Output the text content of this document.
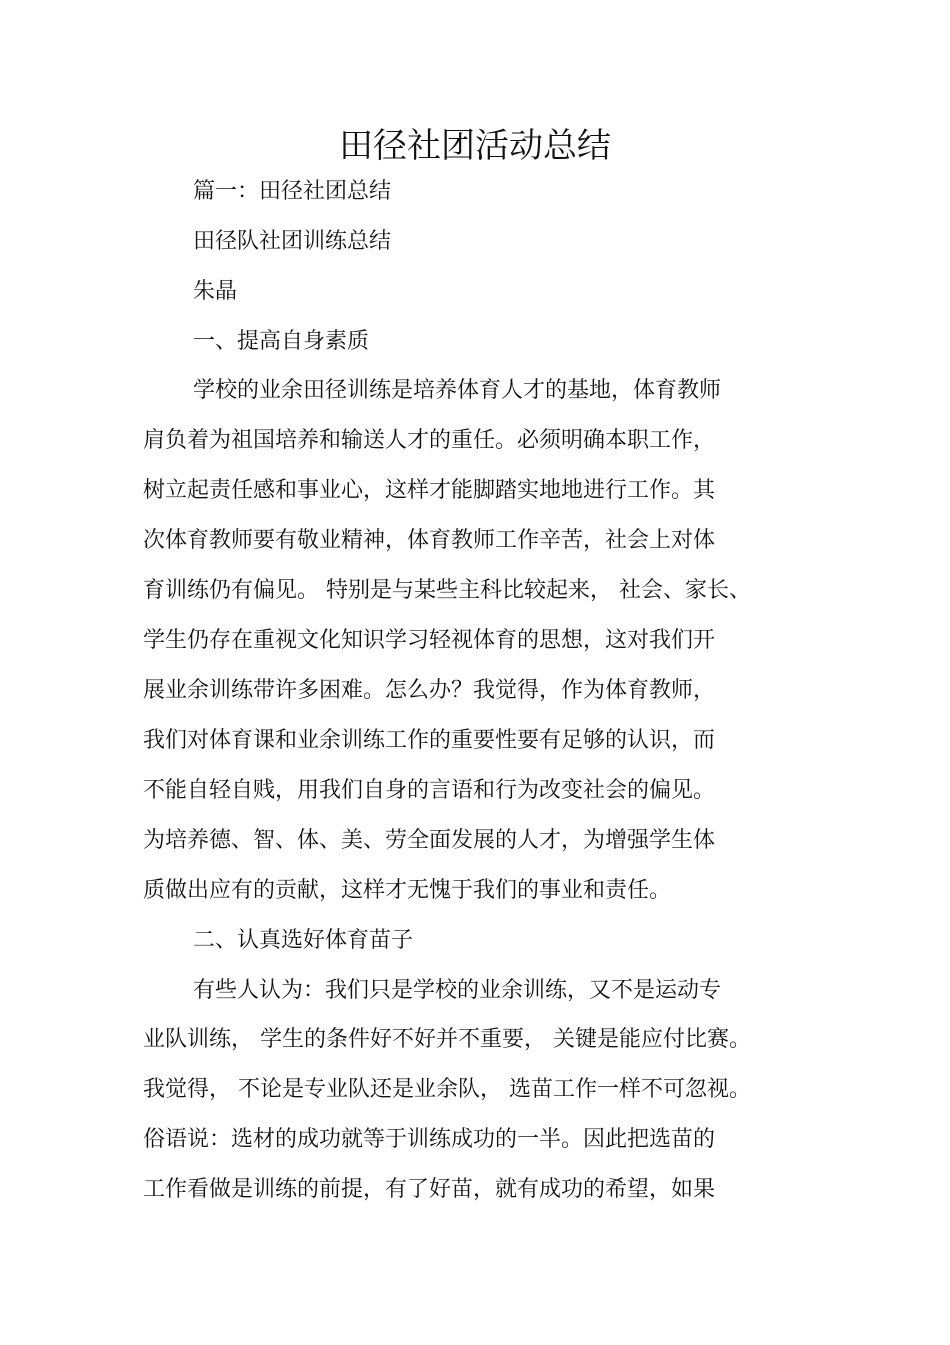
田径社团活动总结
篇一：田径社团总结
田径队社团训练总结
朱晶
一、提高自身素质
学校的业余田径训练是培养体育人才的基地，体育教师
肩负着为祖国培养和输送人才的重任。必须明确本职工作，
树立起责任感和事业心，这样才能脚踏实地地进行工作。其
次体育教师要有敬业精神，体育教师工作辛苦，社会上对体
育训练仍有偏见。 特别是与某些主科比较起来， 社会、家长、
学生仍存在重视文化知识学习轻视体育的思想，这对我们开
展业余训练带许多困难。怎么办？我觉得，作为体育教师，
我们对体育课和业余训练工作的重要性要有足够的认识，而
不能自轻自贱，用我们自身的言语和行为改变社会的偏见。
为培养德、智、体、美、劳全面发展的人才，为增强学生体
质做出应有的贡献，这样才无愧于我们的事业和责任。
二、认真选好体育苗子
有些人认为：我们只是学校的业余训练，又不是运动专
业队训练， 学生的条件好不好并不重要， 关键是能应付比赛。
我觉得， 不论是专业队还是业余队， 选苗工作一样不可忽视。
俗语说：选材的成功就等于训练成功的一半。因此把选苗的
工作看做是训练的前提，有了好苗，就有成功的希望，如果
